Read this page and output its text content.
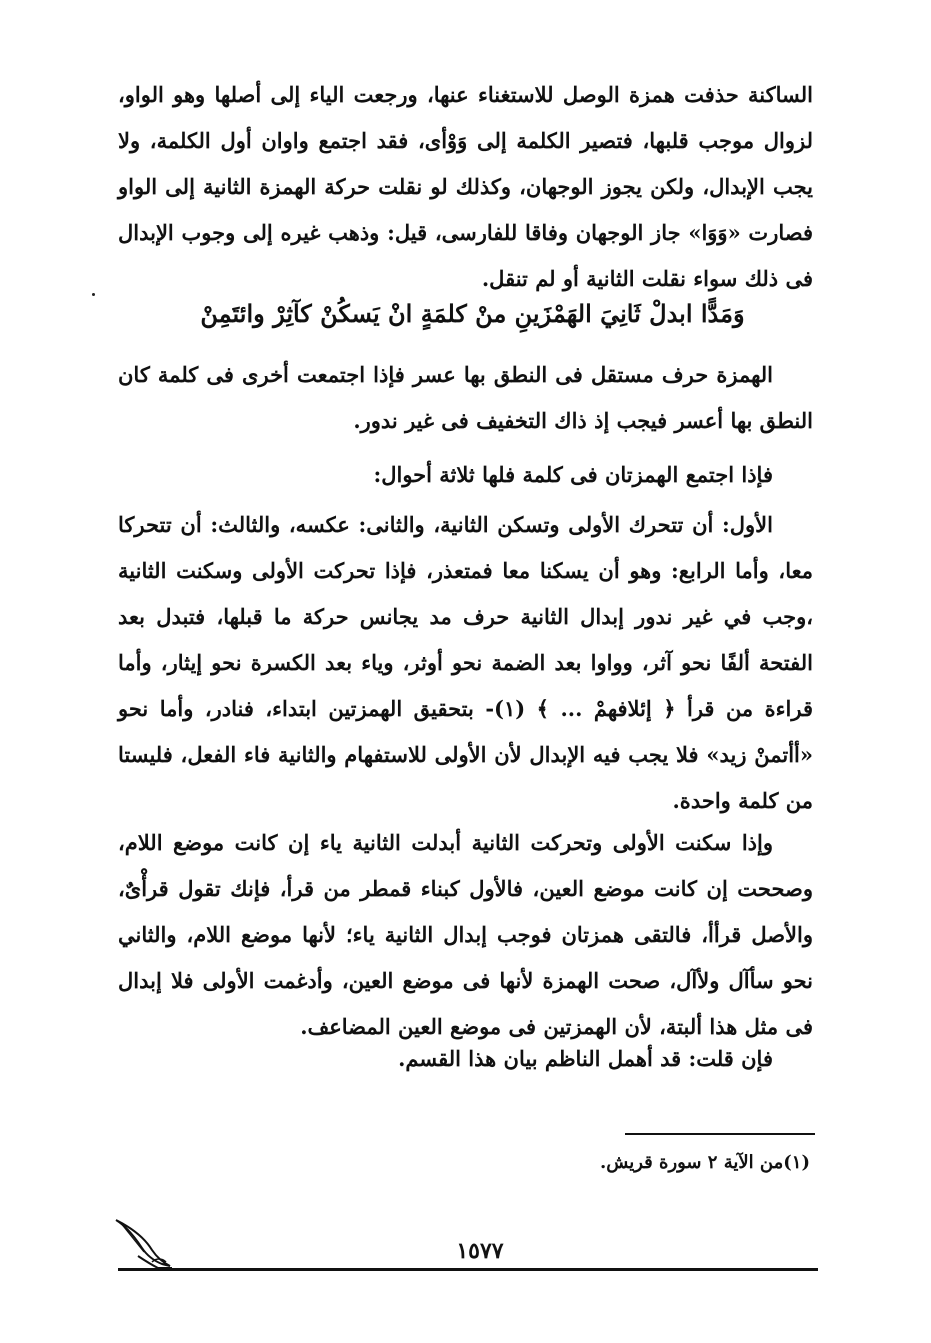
الساكنة حذفت همزة الوصل للاستغناء عنها، ورجعت الياء إلى أصلها وهو الواو، لزوال موجب قلبها، فتصير الكلمة إلى وَوْأى، فقد اجتمع واوان أول الكلمة، ولا يجب الإبدال، ولكن يجوز الوجهان، وكذلك لو نقلت حركة الهمزة الثانية إلى الواو فصارت «وَوَا» جاز الوجهان وفاقا للفارسى، قيل: وذهب غيره إلى وجوب الإبدال فى ذلك سواء نقلت الثانية أو لم تنقل.
وَمَدًّا ابدلْ ثَانِيَ الهَمْزَينِ منْ كلمَةٍ انْ يَسكُنْ كآثِرْ وائتَمِنْ
الهمزة حرف مستقل فى النطق بها عسر فإذا اجتمعت أخرى فى كلمة كان النطق بها أعسر فيجب إذ ذاك التخفيف فى غير ندور.
فإذا اجتمع الهمزتان فى كلمة فلها ثلاثة أحوال:
الأول: أن تتحرك الأولى وتسكن الثانية، والثانى: عكسه، والثالث: أن تتحركا معا، وأما الرابع: وهو أن يسكنا معا فمتعذر، فإذا تحركت الأولى وسكنت الثانية ،وجب في غير ندور إبدال الثانية حرف مد يجانس حركة ما قبلها، فتبدل بعد الفتحة ألفًا نحو آثر، وواوا بعد الضمة نحو أوثر، وياء بعد الكسرة نحو إيثار، وأما قراءة من قرأ ﴿ إئلافهمْ ... ﴾ (١)- بتحقيق الهمزتين ابتداء، فنادر، وأما نحو «أأتمنْ زيد» فلا يجب فيه الإبدال لأن الأولى للاستفهام والثانية فاء الفعل، فليستا من كلمة واحدة.
وإذا سكنت الأولى وتحركت الثانية أبدلت الثانية ياء إن كانت موضع اللام، وصححت إن كانت موضع العين، فالأول كبناء قمطر من قرأ، فإنك تقول قرأْىٌ، والأصل قرأأ، فالتقى همزتان فوجب إبدال الثانية ياء؛ لأنها موضع اللام، والثاني نحو سأآل ولأآل، صحت الهمزة لأنها فى موضع العين، وأدغمت الأولى فلا إبدال فى مثل هذا ألبتة، لأن الهمزتين فى موضع العين المضاعف.
فإن قلت: قد أهمل الناظم بيان هذا القسم.
(١)من الآية ٢ سورة قريش.
١٥٧٧
